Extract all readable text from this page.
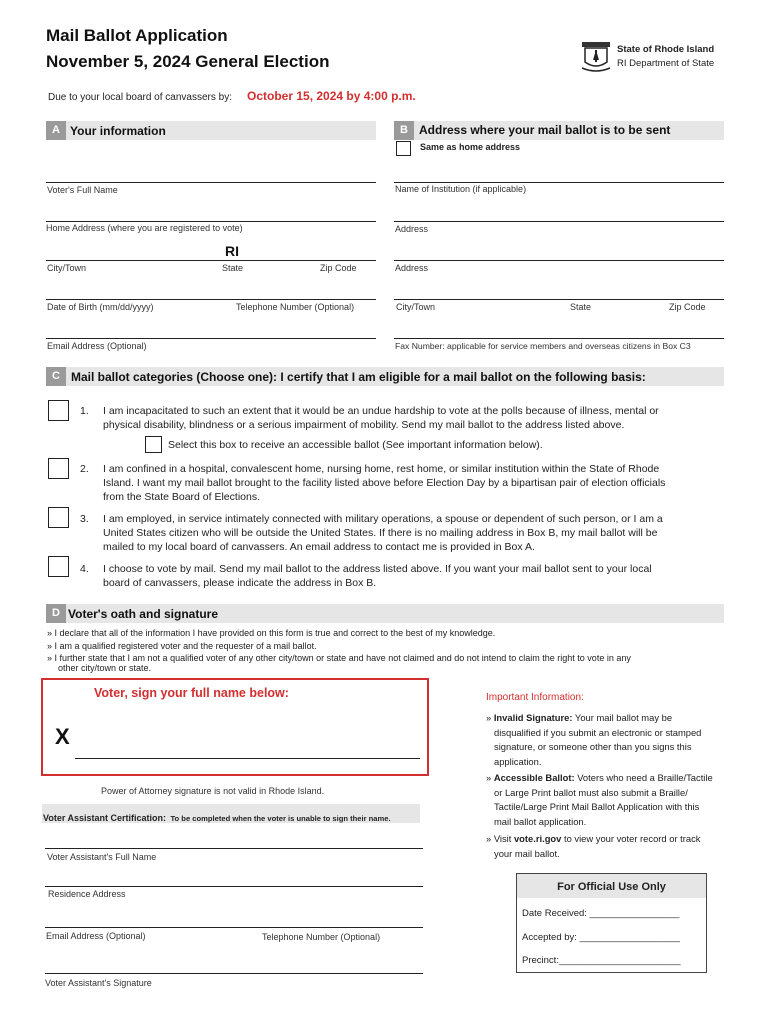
Mail Ballot Application
November 5, 2024 General Election
State of Rhode Island
RI Department of State
Due to your local board of canvassers by: October 15, 2024 by 4:00 p.m.
A Your information
Voter's Full Name
Home Address (where you are registered to vote)
RI
City/Town	State	Zip Code
Date of Birth (mm/dd/yyyy)	Telephone Number (Optional)
Email Address (Optional)
B Address where your mail ballot is to be sent
Same as home address
Name of Institution (if applicable)
Address
Address
City/Town	State	Zip Code
Fax Number: applicable for service members and overseas citizens in Box C3
C Mail ballot categories (Choose one): I certify that I am eligible for a mail ballot on the following basis:
1. I am incapacitated to such an extent that it would be an undue hardship to vote at the polls because of illness, mental or
physical disability, blindness or a serious impairment of mobility. Send my mail ballot to the address listed above.
Select this box to receive an accessible ballot (See important information below).
2. I am confined in a hospital, convalescent home, nursing home, rest home, or similar institution within the State of Rhode
Island. I want my mail ballot brought to the facility listed above before Election Day by a bipartisan pair of election officials
from the State Board of Elections.
3. I am employed, in service intimately connected with military operations, a spouse or dependent of such person, or I am a
United States citizen who will be outside the United States. If there is no mailing address in Box B, my mail ballot will be
mailed to my local board of canvassers. An email address to contact me is provided in Box A.
4. I choose to vote by mail. Send my mail ballot to the address listed above. If you want your mail ballot sent to your local
board of canvassers, please indicate the address in Box B.
D Voter's oath and signature
» I declare that all of the information I have provided on this form is true and correct to the best of my knowledge.
» I am a qualified registered voter and the requester of a mail ballot.
» I further state that I am not a qualified voter of any other city/town or state and have not claimed and do not intend to claim the right to vote in any
other city/town or state.
Voter, sign your full name below:
X
Power of Attorney signature is not valid in Rhode Island.
Voter Assistant Certification: To be completed when the voter is unable to sign their name.
Voter Assistant's Full Name
Residence Address
Email Address (Optional)	Telephone Number (Optional)
Voter Assistant's Signature
Important Information:
» Invalid Signature: Your mail ballot may be
disqualified if you submit an electronic or stamped
signature, or someone other than you signs this
application.
» Accessible Ballot: Voters who need a Braille/Tactile
or Large Print ballot must also submit a Braille/
Tactile/Large Print Mail Ballot Application with this
mail ballot application.
» Visit vote.ri.gov to view your voter record or track
your mail ballot.
For Official Use Only
Date Received: _________________
Accepted by: ___________________
Precinct:_______________________
